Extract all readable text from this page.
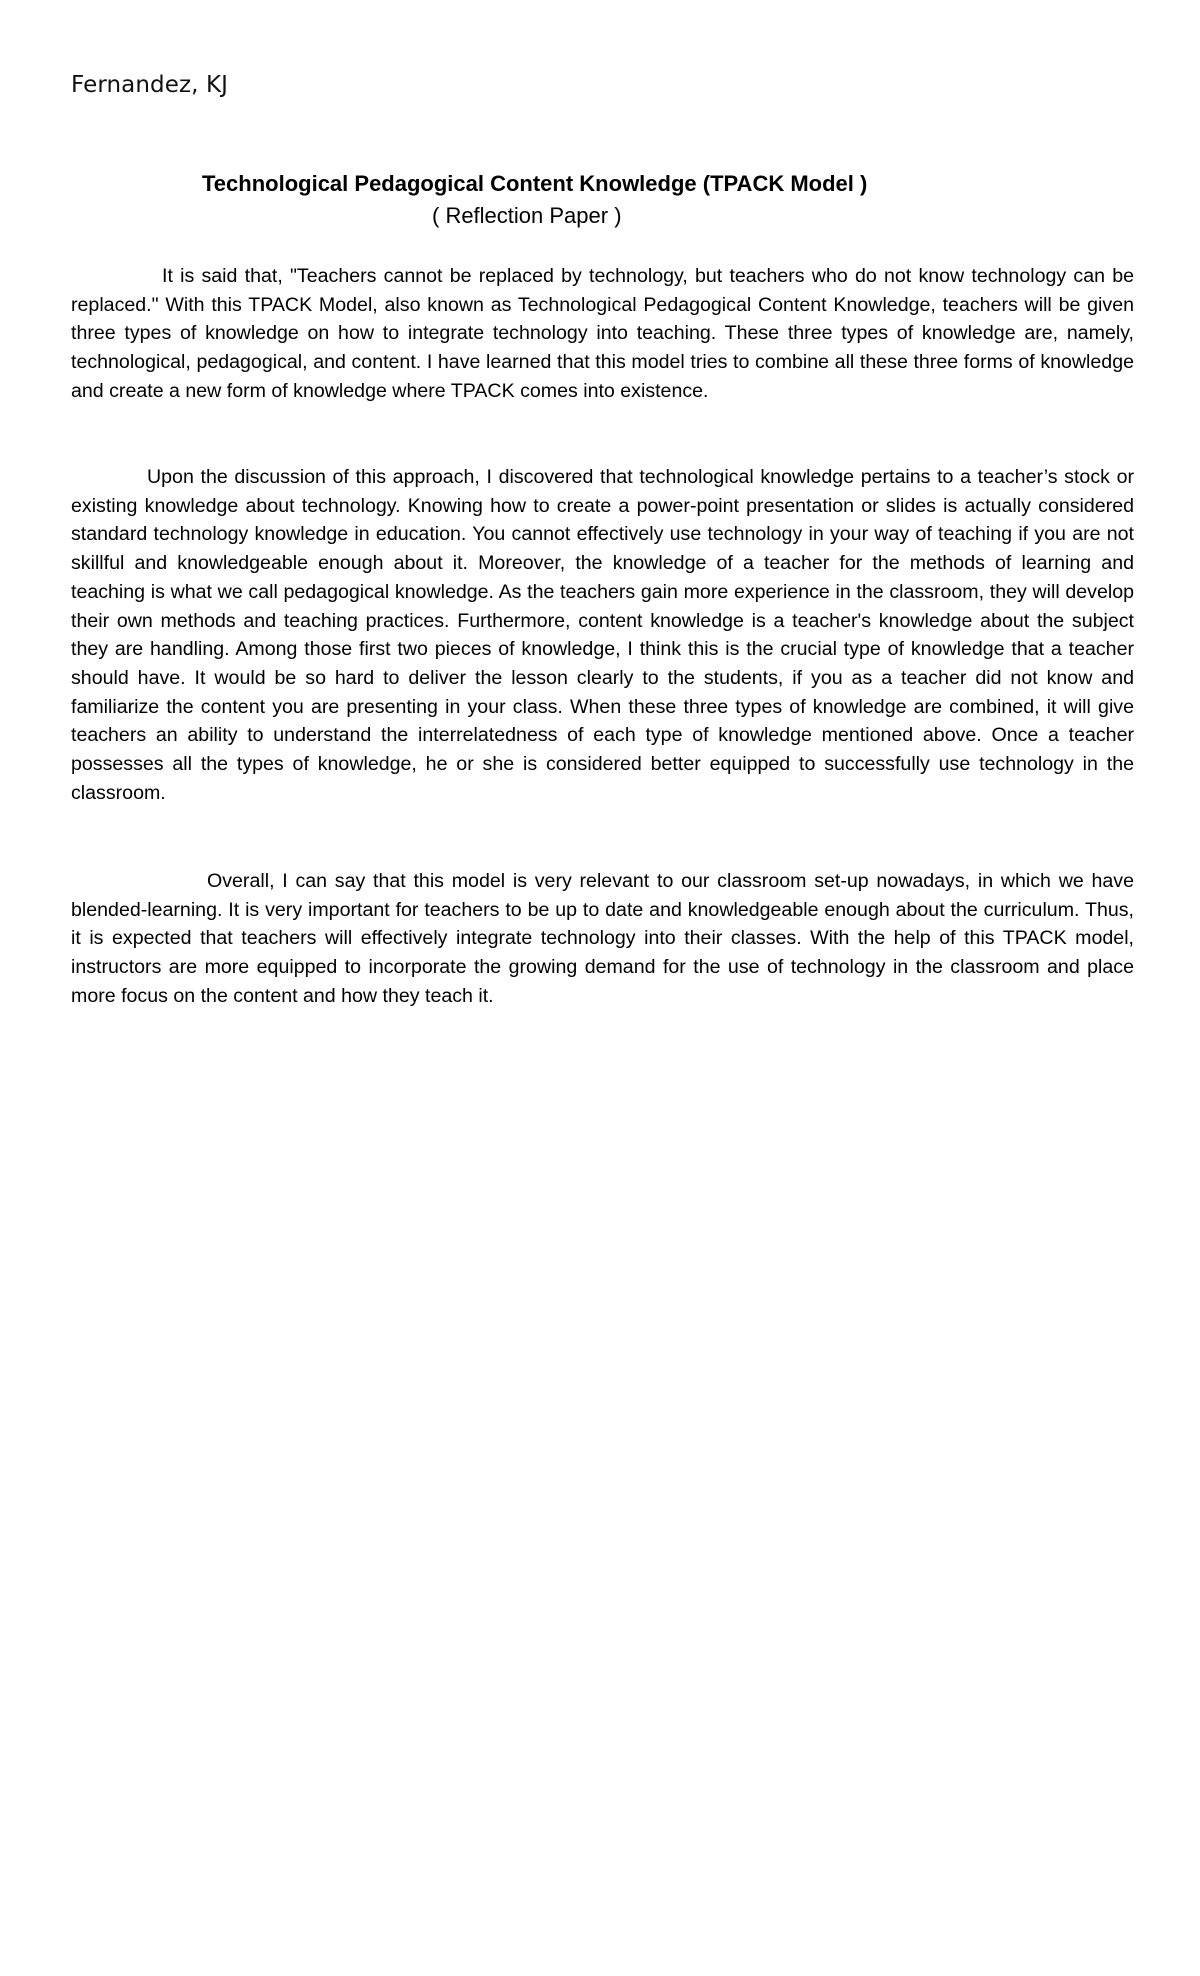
Fernandez, KJ
Technological Pedagogical Content Knowledge (TPACK Model )
( Reflection Paper )

It is said that, "Teachers cannot be replaced by technology, but teachers who do not know technology can be replaced." With this TPACK Model, also known as Technological Pedagogical Content Knowledge, teachers will be given three types of knowledge on how to integrate technology into teaching. These three types of knowledge are, namely, technological, pedagogical, and content. I have learned that this model tries to combine all these three forms of knowledge and create a new form of knowledge where TPACK comes into existence.

Upon the discussion of this approach, I discovered that technological knowledge pertains to a teacher’s stock or existing knowledge about technology. Knowing how to create a power-point presentation or slides is actually considered standard technology knowledge in education. You cannot effectively use technology in your way of teaching if you are not skillful and knowledgeable enough about it. Moreover, the knowledge of a teacher for the methods of learning and teaching is what we call pedagogical knowledge. As the teachers gain more experience in the classroom, they will develop their own methods and teaching practices. Furthermore, content knowledge is a teacher's knowledge about the subject they are handling. Among those first two pieces of knowledge, I think this is the crucial type of knowledge that a teacher should have. It would be so hard to deliver the lesson clearly to the students, if you as a teacher did not know and familiarize the content you are presenting in your class. When these three types of knowledge are combined, it will give teachers an ability to understand the interrelatedness of each type of knowledge mentioned above. Once a teacher possesses all the types of knowledge, he or she is considered better equipped to successfully use technology in the classroom.

Overall, I can say that this model is very relevant to our classroom set-up nowadays, in which we have blended-learning. It is very important for teachers to be up to date and knowledgeable enough about the curriculum. Thus, it is expected that teachers will effectively integrate technology into their classes. With the help of this TPACK model, instructors are more equipped to incorporate the growing demand for the use of technology in the classroom and place more focus on the content and how they teach it.
